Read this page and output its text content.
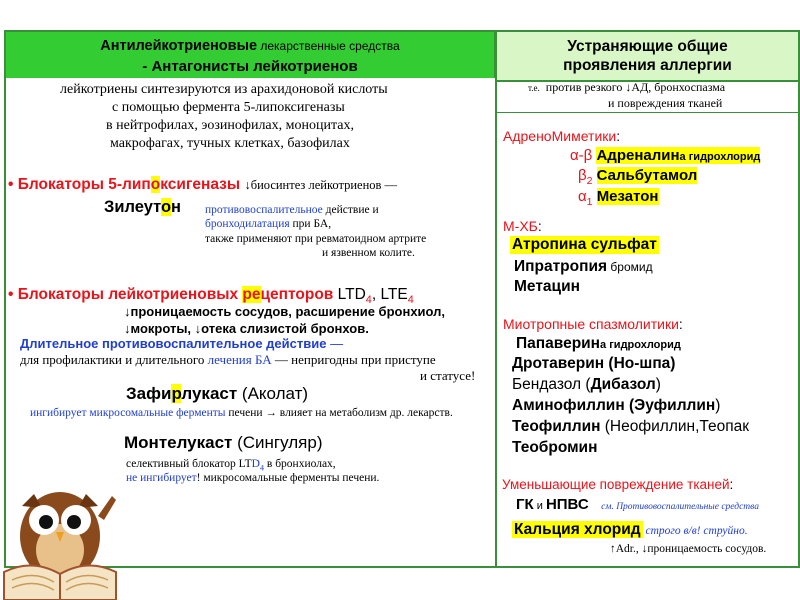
Антилейкотриеновые лекарственные средства
- Антагонисты лейкотриенов
Устраняющие общие
проявления аллергии
т.е. против резкого ↓АД, бронхоспазма
и повреждения тканей
лейкотриены синтезируются из арахидоновой кислоты
с помощью фермента 5-липоксигеназы
в нейтрофилах, эозинофилах, моноцитах,
макрофагах, тучных клетках, базофилах
• Блокаторы 5-липоксигеназы ↓биосинтез лейкотриенов —
Зилеутон противовоспалительное действие и
бронходилатация при БА,
также применяют при ревматоидном артрите
и язвенном колите.
• Блокаторы лейкотриеновых рецепторов $LTD_4$, $LTE_4$
↓проницаемость сосудов, расширение бронхиол,
↓мокроты, ↓отека слизистой бронхов.
Длительное противовоспалительное действие —
для профилактики и длительного лечения БА — непригодны при приступе
и статусе!
Зафирлукаст (Аколат)
ингибирует микросомальные ферменты печени → влияет на метаболизм др. лекарств.
Монтелукаст (Сингуляр)
селективный блокатор $LTD_4$ в бронхиолах,
не ингибирует! микросомальные ферменты печени.
АдреноМиметики:
α-β Адреналина гидрохлорид
$\beta_2$ Сальбутамол
$\alpha_1$ Мезатон
М-ХБ:
Атропина сульфат
Ипратропия бромид
Метацин
Миотропные спазмолитики:
Папаверина гидрохлорид
Дротаверин (Но-шпа)
Бендазол (Дибазол)
Аминофиллин (Эуфиллин)
Теофиллин (Неофиллин,Теопак
Теобромин
Уменьшающие повреждение тканей:
ГК и НПВС см. Противовоспалительные средства
Кальция хлорид строго в/в! струйно.
↑Adr., ↓проницаемость сосудов.
